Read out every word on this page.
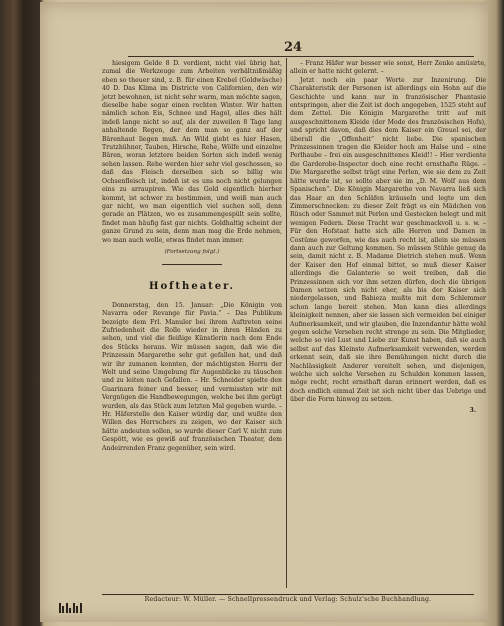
24

hiesigem Gelde 8 D. verdient, nicht viel übrig hat, zumal die Werkzeuge zum Arbeiten verhältnißmäßig eben so theuer sind, z. B. für einen Krebel (Goldwäsche) 40 D. Das Klima im Districte von Californien, den wir jetzt bewohnen, ist nicht sehr warm, man möchte sagen, dieselbe habe sogar einen rechten Winter. Wir hatten nämlich schon Eis, Schnee und Hagel, alles dies hält indeß lange nicht so auf, als der zuweilen 8 Tage lang anhaltende Regen, der dem man so ganz auf der Bärenhaut liegen muß. An Wild giebt es hier Hasen, Trutzhühner, Tauben, Hirsche, Rehe, Wölfe und einzelne Bären, woran letztere beiden Sorten sich indeß wenig sehen lassen. Rehe werden hier sehr viel geschossen, so daß das Fleisch derselben sich so billig wie Ochsenfleisch ist, indeß ist es uns noch nicht gelungen eins zu arraupiren. Wie das Gold eigentlich hierher kommt, ist schwer zu bestimmen, und weiß man auch gar nicht, wo man eigentlich viel suchen soll, denn gerade an Plätzen, wo es zusammengespült sein sollte, findet man häufig fast gar nichts. Goldhaltig scheint der ganze Grund zu sein, denn man mag die Erde nehmen, wo man auch wolle, etwas findet man immer.

(Fortsetzung folgt.)
Hoftheater.

Donnerstag, den 15. Januar: „Die Königin von Navarra oder Revange für Pavia.“ – Das Publikum bezeigte dem Frl. Manuler bei ihrem Auftreten seine Zufriedenheit die Rolle wieder in ihren Händen zu sehen, und viel die fleißige Künstlerin nach dem Ende des Stücks heraus. Wir müssen sagen, daß wie die Prinzessin Margarethe sehr gut gefallen hat, und daß wir ihr zumanen konnten, der mächtigsten Herrn der Welt und seine Umgebung für Augenblicke zu täuschen und zu leiten nach Gefallen. – Hr. Schneider spielte den Guarinara feiner und besser, und vermissten wir mit Vergnügen die Handbewegungen, welche bei ihm gerügt wurden, als das Stück zum letzten Mal gegeben wurde. – Hr. Häferstelle den Kaiser würdig dar, und wußte den Willen des Herrschers zu zeigen, wo der Kaiser sich hätte andeuten sollen, so wurde dieser Carl V. nicht zum Gespött, wie es gewiß auf französischen Theater, dem Andeirrenden Franz gegenüber, sein wird.

– Franz Häfer war besser wie sonst, Herr Zenke amüsirte, allein er hatte nicht gelernt. –

Jetzt noch ein paar Worte zur Inzenirung. Die Charakteristik der Personen ist allerdings ein Hohn auf die Geschichte und kann nur in französischer Phantasie entspringen, aber die Zeit ist doch angegeben, 1525 steht auf dem Zettel. Die Königin Margarethe tritt auf mit ausgeschnittenem Kleide (der Mode des französischen Hofs), und spricht davon, daß dies dem Kaiser ein Greuel sei, der überall die „Offenheit“ nicht liebe. Die spanischen Prinzessinnen tragen die Kleider hoch am Halse und – eine Perlhaube – frei ein ausgeschnittenes Kleid!! – Hier verdiente die Garderobe-Inspector doch eine recht ernsthafte Rüge. – Die Margarethe selbst trägt eine Perlen, wie sie dem zu Zeit hätte wurde ist, so sollte aber sie im „D. M. Wolf aus dem Spanischen“. Die Königin Margarethe von Navarra ließ sich das Haar an den Schläfen kräuseln und legte um den Zimmerschnecken: zu dieser Zeit frägt es ein Mädchen von Rüsch oder Sammet mit Perlen und Gestecken belegt und mit wenigen Federn. Diese Tracht war geschmackvoll u. s. w. – Für den Hofstaat hatte sich alle Herren und Damen in Costüme geworfen, wie das auch recht ist, allein sie müssen dann auch zur Geltung kommen. So müssen Stühle genug da sein, damit nicht z. B. Madame Dietrich stehen muß. Wenn der Kaiser den Hof einmal bittet, so muß dieser Kaiser allerdings die Galanterie so weit treiben, daß die Prinzessinnen sich vor ihm setzen dürfen, doch die übrigen Damen setzen sich nicht eher, als bis der Kaiser sich niedergelassen, und Babieza mußte mit dem Schlemmer schon lange bereit stehen. Man kann dies allerdings kleinigkeit nennen, aber sie lassen sich vermeiden bei einiger Aufmerksamkeit, und wir glauben, die Inzendantur hätte wohl gegen solche Versehen recht strenge zu sein. Die Mitglieder, welche so viel Lust und Liebe zur Kunst haben, daß sie auch selbst auf das Kleinste Aufmerksamkeit verwenden, werden erkennt sein, daß sie ihre Bemühungen nicht durch die Nachlässigkeit Anderer vereitelt sehen, und diejenigen, welche sich solche Versehen zu Schulden kommen lassen, möge recht, recht ernsthaft daran erinnert werden, daß es doch endlich einmal Zeit ist sich nicht über das Uebrige und über die Form hinweg zu setzen.

3.
Redacteur: W. Müller. — Schnellpressendruck und Verlag: Schulz'sche Buchhandlung.
